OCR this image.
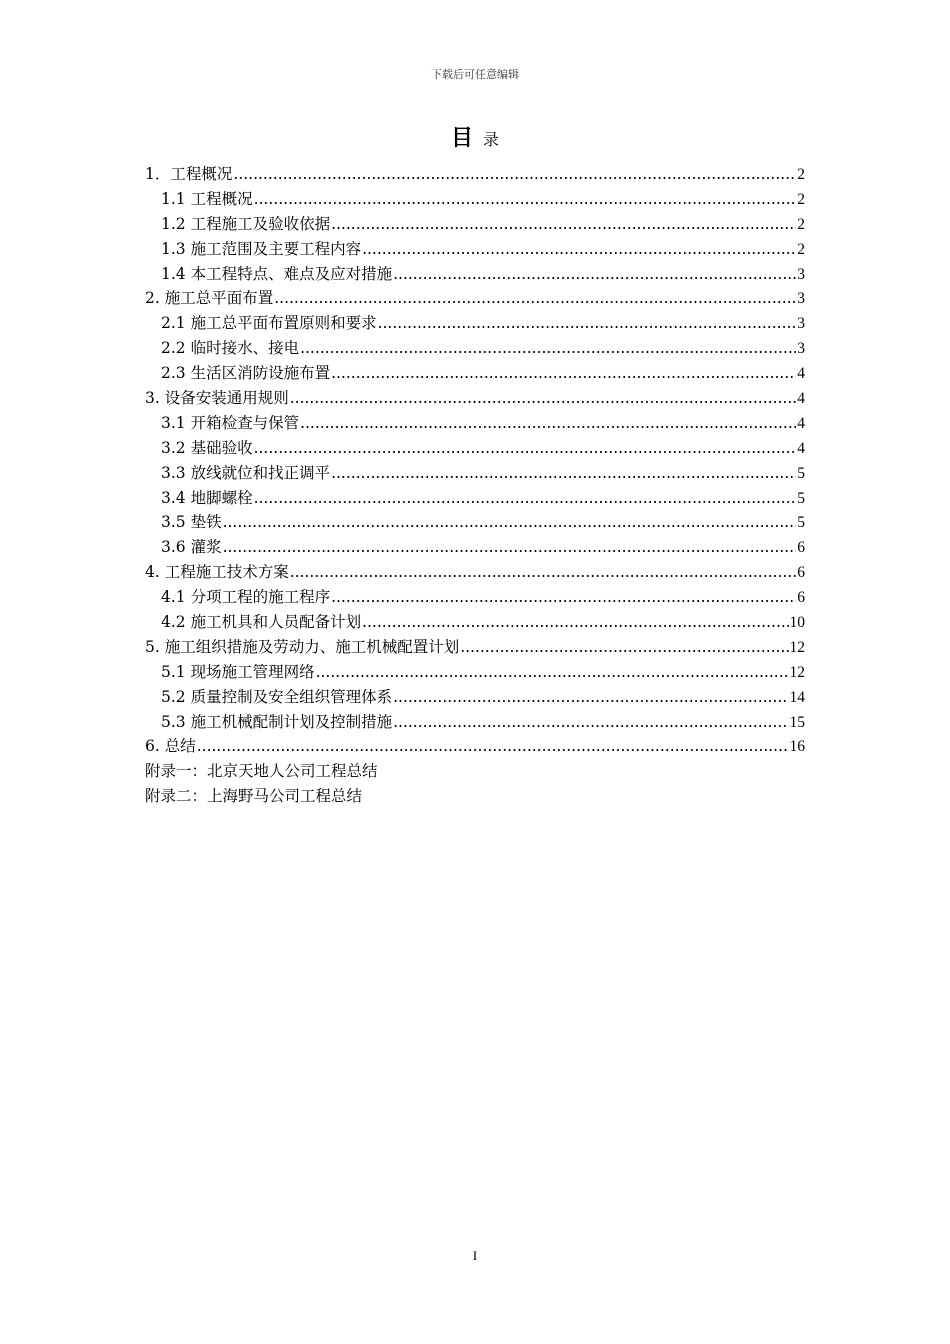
下载后可任意编辑
目 录
1．工程概况 .....	2
1.1 工程概况 .....	2
1.2 工程施工及验收依据 .....	2
1.3 施工范围及主要工程内容 .....	2
1.4 本工程特点、难点及应对措施 .....	3
2. 施工总平面布置 .....	3
2.1 施工总平面布置原则和要求 .....	3
2.2 临时接水、接电 .....	3
2.3 生活区消防设施布置 .....	4
3. 设备安装通用规则 .....	4
3.1 开箱检查与保管 .....	4
3.2 基础验收 .....	4
3.3 放线就位和找正调平 .....	5
3.4 地脚螺栓 .....	5
3.5 垫铁 .....	5
3.6 灌浆 .....	6
4. 工程施工技术方案 .....	6
4.1 分项工程的施工程序 .....	6
4.2 施工机具和人员配备计划 .....	10
5. 施工组织措施及劳动力、施工机械配置计划 .....	12
5.1 现场施工管理网络 .....	12
5.2 质量控制及安全组织管理体系 .....	14
5.3 施工机械配制计划及控制措施 .....	15
6. 总结 .....	16
附录一：北京天地人公司工程总结
附录二：上海野马公司工程总结
I
